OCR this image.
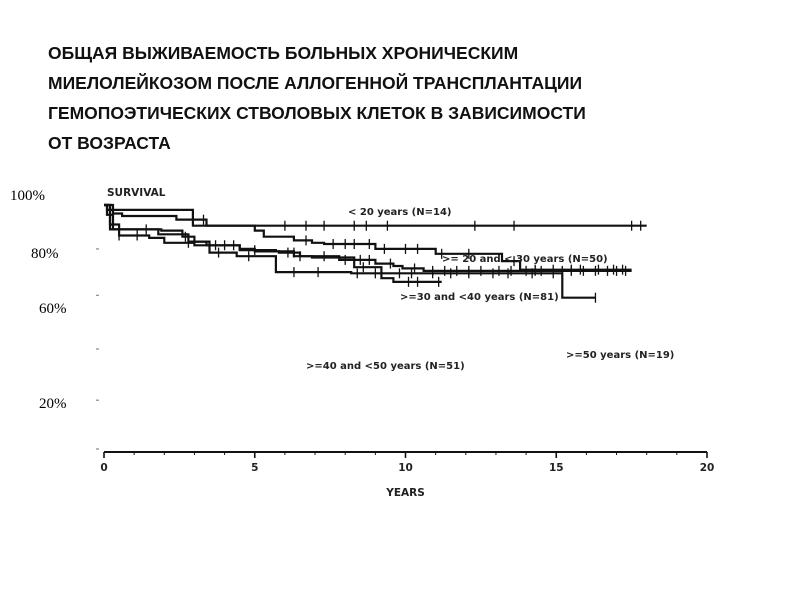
ОБЩАЯ ВЫЖИВАЕМОСТЬ БОЛЬНЫХ ХРОНИЧЕСКИМ
МИЕЛОЛЕЙКОЗОМ ПОСЛЕ АЛЛОГЕННОЙ ТРАНСПЛАНТАЦИИ
ГЕМОПОЭТИЧЕСКИХ СТВОЛОВЫХ КЛЕТОК В ЗАВИСИМОСТИ
ОТ ВОЗРАСТА
100%
80%
60%
20%
0	5	10	15	20
YEARS
SURVIVAL
< 20 years (N=14)
>= 20 and < 30 years (N=50)
>=30 and <40 years (N=81)
>=40 and <50 years (N=51)
>=50 years (N=19)
